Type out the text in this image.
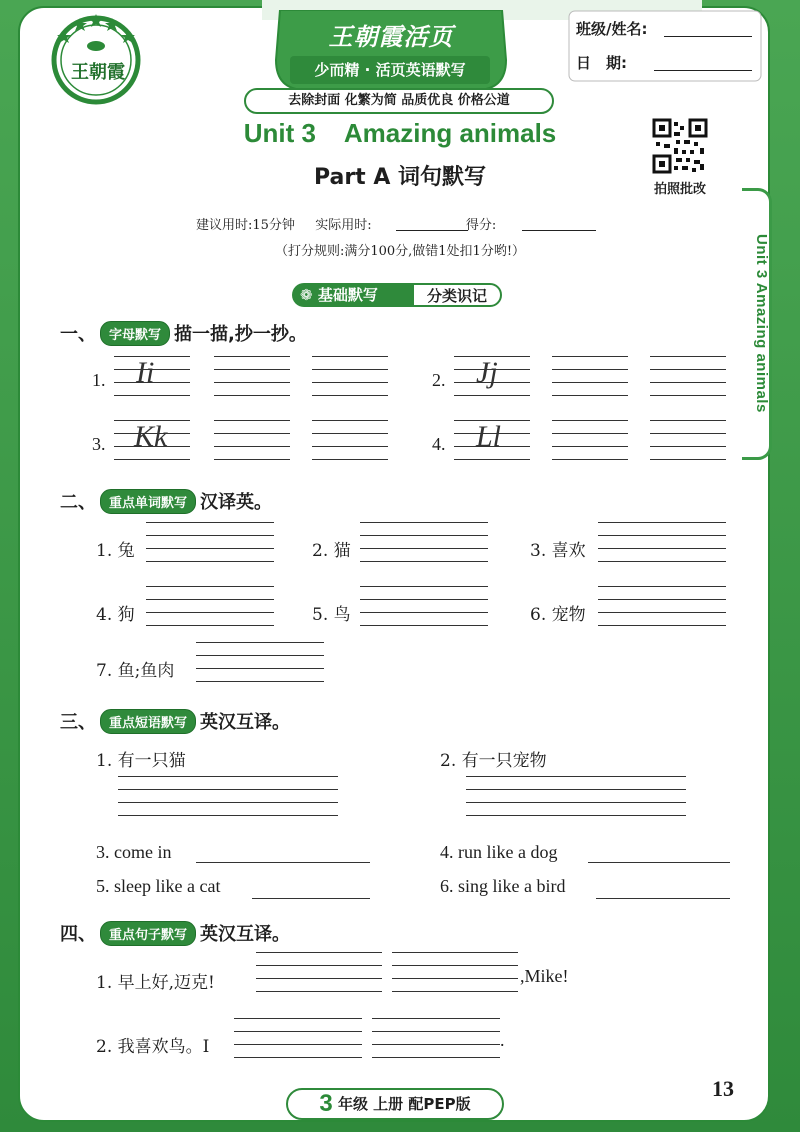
Unit 3 Amazing animals
王朝霞
王朝霞活页
少而精 · 活页英语默写
去除封面 化繁为简 品质优良 价格公道
班级/姓名:
日　期:
Unit 3    Amazing animals
Part A 词句默写	拍照批改
建议用时:15分钟 实际用时:	得分:
（打分规则:满分100分,做错1处扣1分哟!）
❁ 基础默写	分类识记
一、 字母默写 描一描,抄一抄。
1. Ii	2. Jj
3. Kk	4. Ll
二、 重点单词默写 汉译英。
1. 兔	2. 猫	3. 喜欢
4. 狗	5. 鸟	6. 宠物
7. 鱼;鱼肉
三、 重点短语默写 英汉互译。
1. 有一只猫	2. 有一只宠物
3. come in	4. run like a dog
5. sleep like a cat	6. sing like a bird
四、 重点句子默写 英汉互译。
1. 早上好,迈克!	,Mike!
2. 我喜欢鸟。I	.
3 年级 上册 配PEP版
13
